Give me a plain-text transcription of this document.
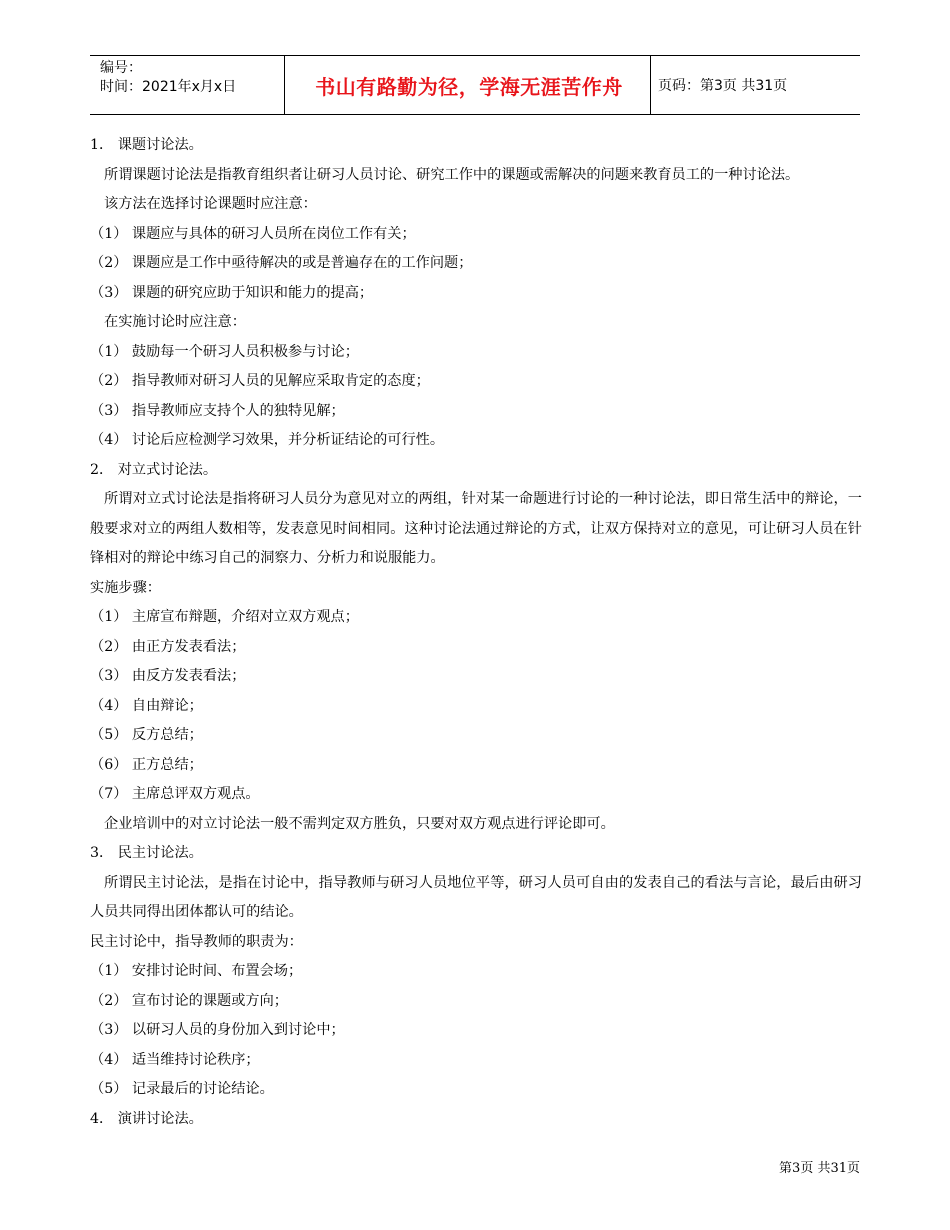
编号：
时间：2021年x月x日	书山有路勤为径，学海无涯苦作舟	页码：第3页 共31页

1． 课题讨论法。

所谓课题讨论法是指教育组织者让研习人员讨论、研究工作中的课题或需解决的问题来教育员工的一种讨论法。

该方法在选择讨论课题时应注意：

（1） 课题应与具体的研习人员所在岗位工作有关；

（2） 课题应是工作中亟待解决的或是普遍存在的工作问题；

（3） 课题的研究应助于知识和能力的提高；

在实施讨论时应注意：

（1） 鼓励每一个研习人员积极参与讨论；

（2） 指导教师对研习人员的见解应采取肯定的态度；

（3） 指导教师应支持个人的独特见解；

（4） 讨论后应检测学习效果，并分析证结论的可行性。

2． 对立式讨论法。

所谓对立式讨论法是指将研习人员分为意见对立的两组，针对某一命题进行讨论的一种讨论法，即日常生活中的辩论，一般要求对立的两组人数相等，发表意见时间相同。这种讨论法通过辩论的方式，让双方保持对立的意见，可让研习人员在针锋相对的辩论中练习自己的洞察力、分析力和说服能力。

实施步骤：

（1） 主席宣布辩题，介绍对立双方观点；

（2） 由正方发表看法；

（3） 由反方发表看法；

（4） 自由辩论；

（5） 反方总结；

（6） 正方总结；

（7） 主席总评双方观点。

企业培训中的对立讨论法一般不需判定双方胜负，只要对双方观点进行评论即可。

3． 民主讨论法。

所谓民主讨论法，是指在讨论中，指导教师与研习人员地位平等，研习人员可自由的发表自己的看法与言论，最后由研习人员共同得出团体都认可的结论。

民主讨论中，指导教师的职责为：

（1） 安排讨论时间、布置会场；

（2） 宣布讨论的课题或方向；

（3） 以研习人员的身份加入到讨论中；

（4） 适当维持讨论秩序；

（5） 记录最后的讨论结论。

4． 演讲讨论法。

第3页 共31页
